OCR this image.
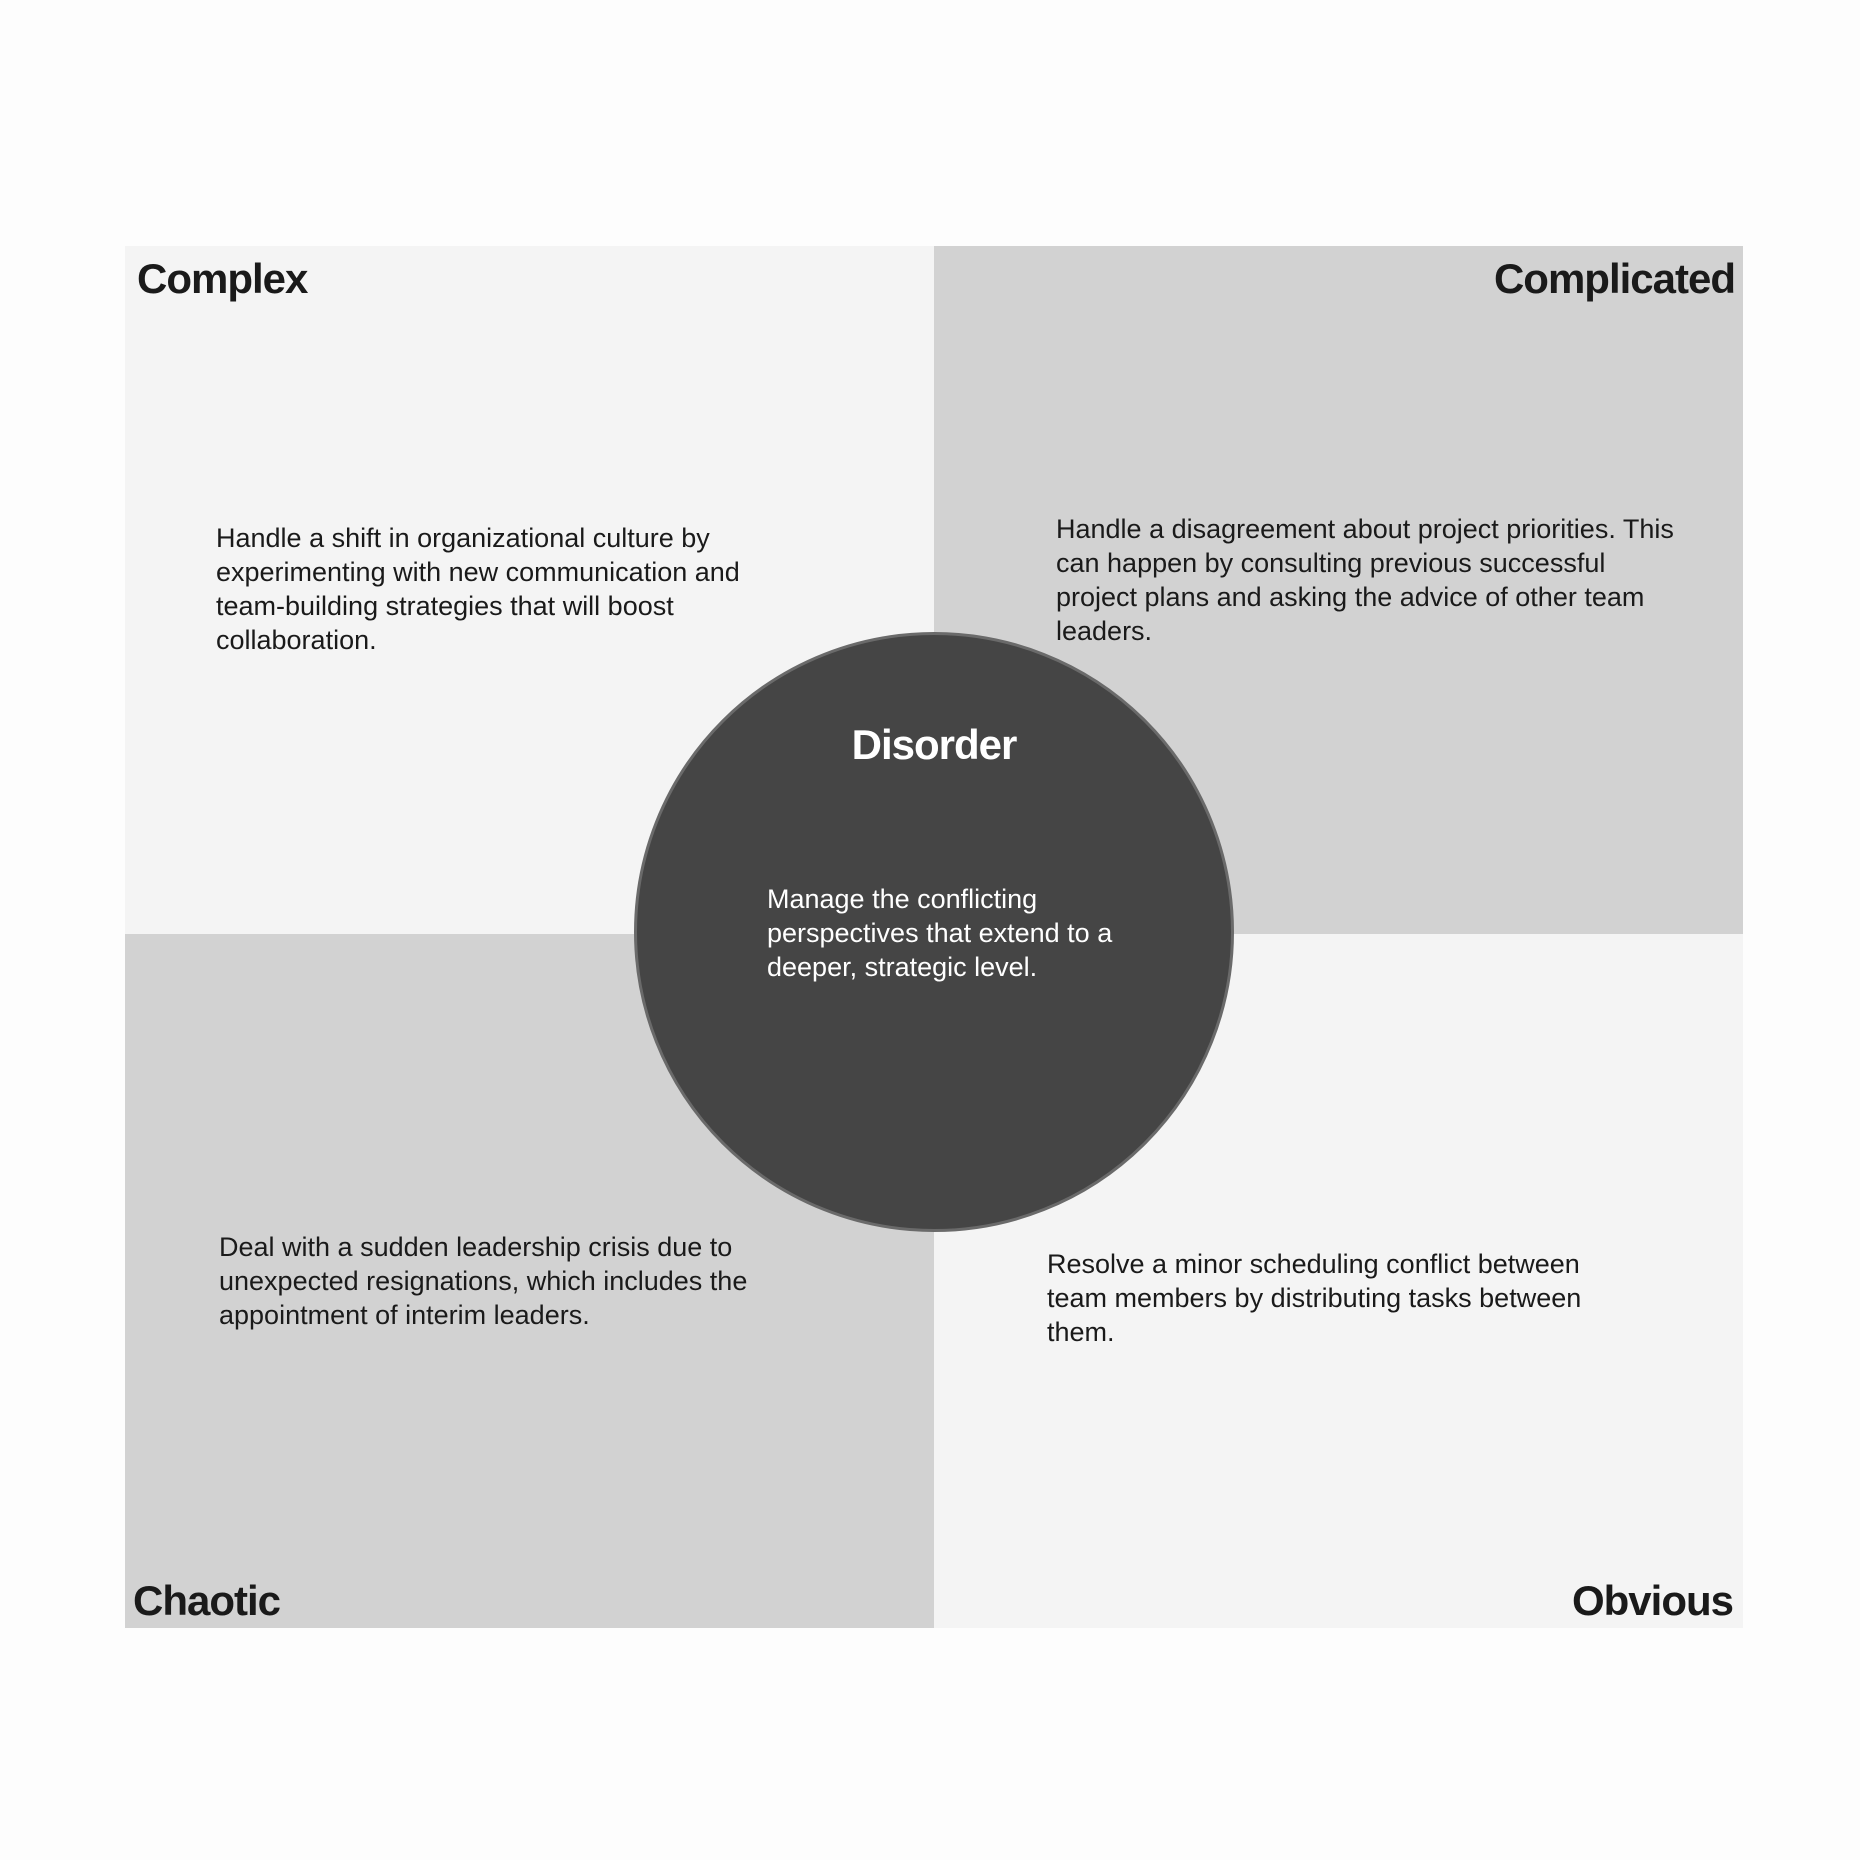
Complex	Complicated
Chaotic	Obvious
Handle a shift in organizational culture by experimenting with new communication and team-building strategies that will boost collaboration.
Handle a disagreement about project priorities. This can happen by consulting previous successful project plans and asking the advice of other team leaders.
Deal with a sudden leadership crisis due to unexpected resignations, which includes the appointment of interim leaders.
Resolve a minor scheduling conflict between team members by distributing tasks between them.
Disorder
Manage the conflicting perspectives that extend to a deeper, strategic level.
